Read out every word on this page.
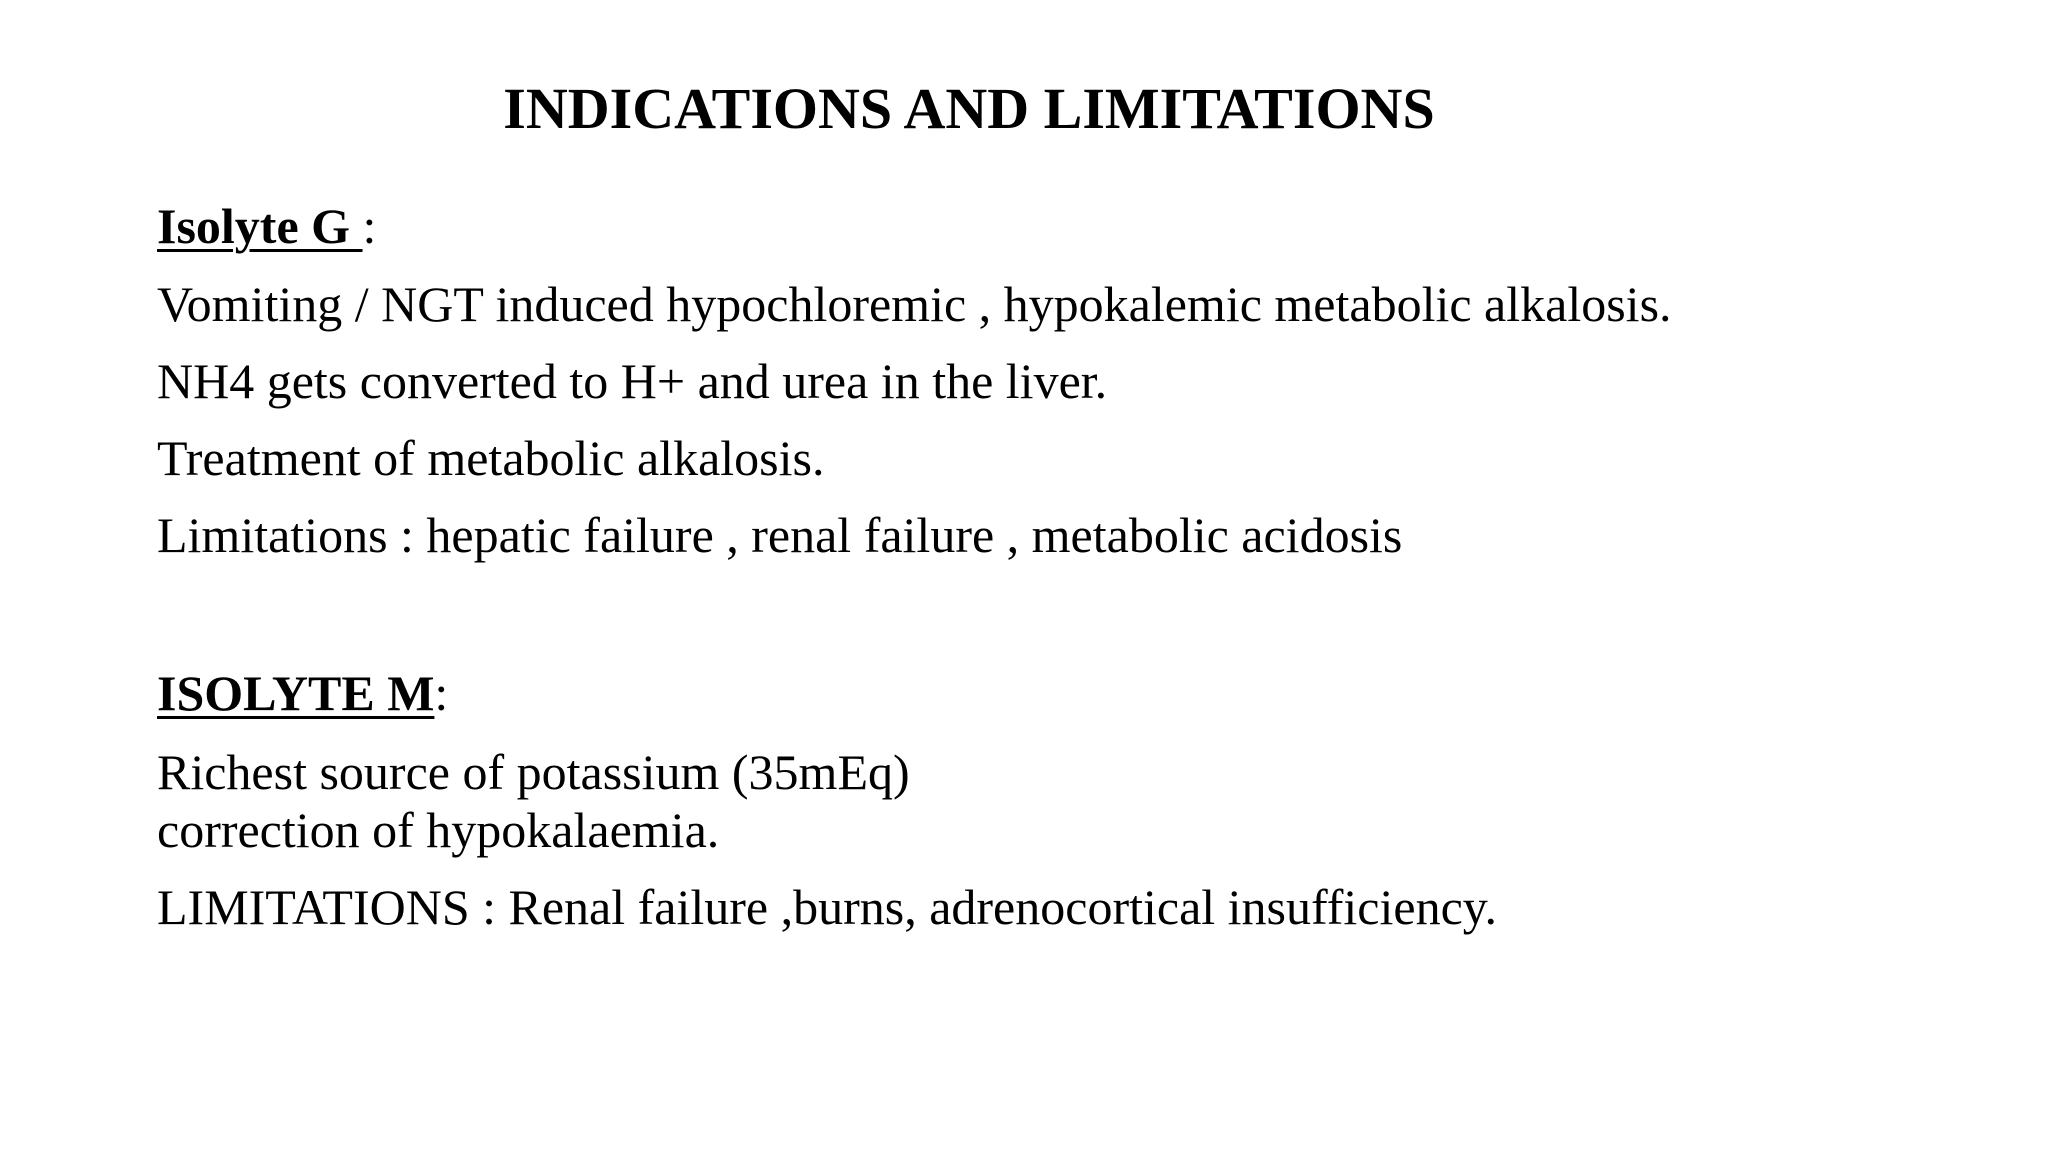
INDICATIONS AND LIMITATIONS
Isolyte G :
Vomiting / NGT induced hypochloremic , hypokalemic metabolic alkalosis.
NH4 gets converted to H+ and urea in the liver.
Treatment of metabolic alkalosis.
Limitations : hepatic failure , renal failure , metabolic acidosis
ISOLYTE M:
Richest source of potassium (35mEq)
correction of hypokalaemia.
LIMITATIONS : Renal failure ,burns, adrenocortical insufficiency.
